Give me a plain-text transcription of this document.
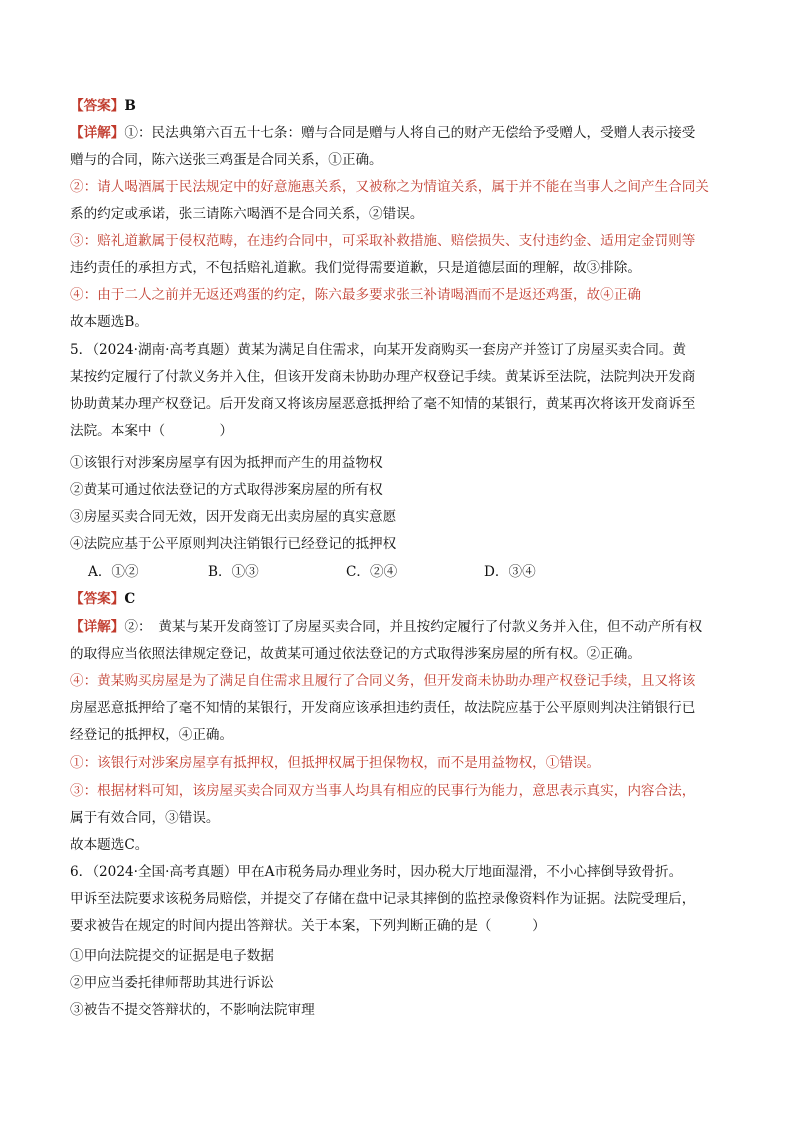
【答案】B
【详解】①：民法典第六百五十七条：赠与合同是赠与人将自己的财产无偿给予受赠人，受赠人表示接受
赠与的合同，陈六送张三鸡蛋是合同关系，①正确。
②：请人喝酒属于民法规定中的好意施惠关系，又被称之为情谊关系，属于并不能在当事人之间产生合同关
系的约定或承诺，张三请陈六喝酒不是合同关系，②错误。
③：赔礼道歉属于侵权范畴，在违约合同中，可采取补救措施、赔偿损失、支付违约金、适用定金罚则等
违约责任的承担方式，不包括赔礼道歉。我们觉得需要道歉，只是道德层面的理解，故③排除。
④：由于二人之前并无返还鸡蛋的约定，陈六最多要求张三补请喝酒而不是返还鸡蛋，故④正确
故本题选B。
5．（2024·湖南·高考真题）黄某为满足自住需求，向某开发商购买一套房产并签订了房屋买卖合同。黄
某按约定履行了付款义务并入住，但该开发商未协助办理产权登记手续。黄某诉至法院，法院判决开发商
协助黄某办理产权登记。后开发商又将该房屋恶意抵押给了毫不知情的某银行，黄某再次将该开发商诉至
法院。本案中（　　　　）
①该银行对涉案房屋享有因为抵押而产生的用益物权
②黄某可通过依法登记的方式取得涉案房屋的所有权
③房屋买卖合同无效，因开发商无出卖房屋的真实意愿
④法院应基于公平原则判决注销银行已经登记的抵押权
A．①②	B．①③	C．②④	D．③④
【答案】C
【详解】②：　黄某与某开发商签订了房屋买卖合同，并且按约定履行了付款义务并入住，但不动产所有权
的取得应当依照法律规定登记，故黄某可通过依法登记的方式取得涉案房屋的所有权。②正确。
④：黄某购买房屋是为了满足自住需求且履行了合同义务，但开发商未协助办理产权登记手续，且又将该
房屋恶意抵押给了毫不知情的某银行，开发商应该承担违约责任，故法院应基于公平原则判决注销银行已
经登记的抵押权，④正确。
①：该银行对涉案房屋享有抵押权，但抵押权属于担保物权，而不是用益物权，①错误。
③：根据材料可知，该房屋买卖合同双方当事人均具有相应的民事行为能力，意思表示真实，内容合法，
属于有效合同，③错误。
故本题选C。
6．（2024·全国·高考真题）甲在A市税务局办理业务时，因办税大厅地面湿滑，不小心摔倒导致骨折。
甲诉至法院要求该税务局赔偿，并提交了存储在盘中记录其摔倒的监控录像资料作为证据。法院受理后，
要求被告在规定的时间内提出答辩状。关于本案，下列判断正确的是（　　　）
①甲向法院提交的证据是电子数据
②甲应当委托律师帮助其进行诉讼
③被告不提交答辩状的，不影响法院审理
